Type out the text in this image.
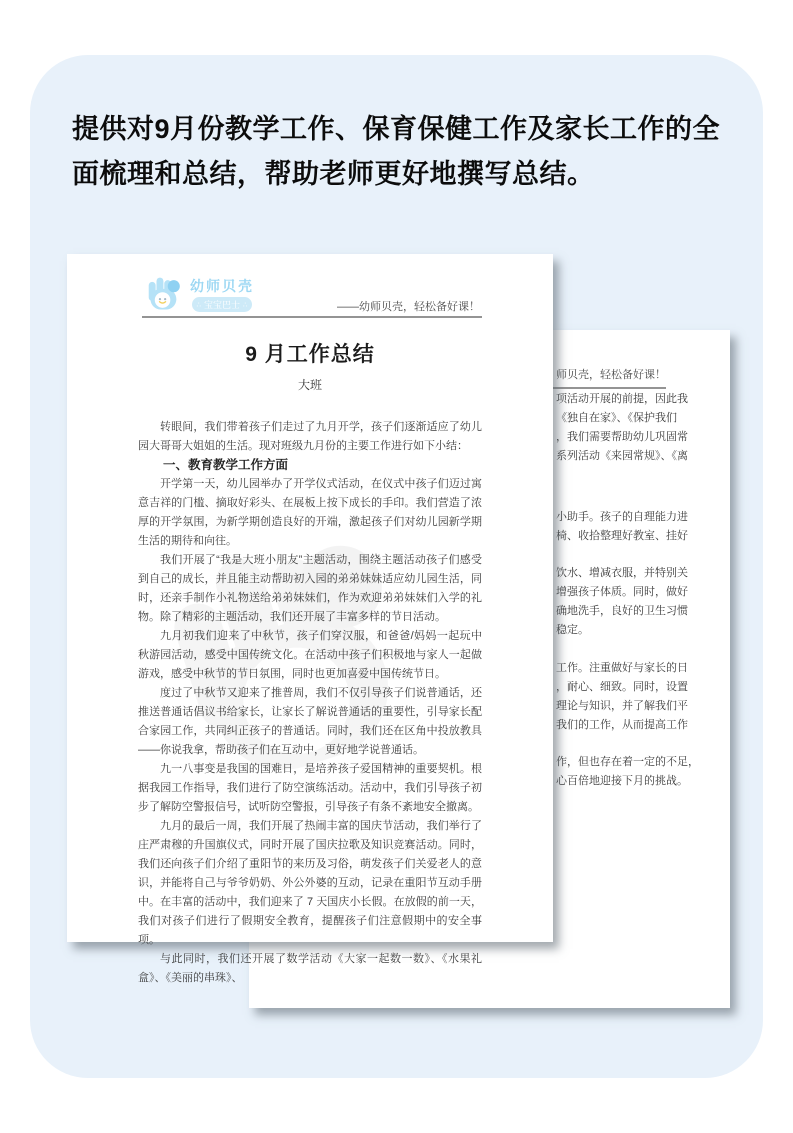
提供对9月份教学工作、保育保健工作及家长工作的全面梳理和总结，帮助老师更好地撰写总结。
师贝壳，轻松备好课！
项活动开展的前提，因此我
《独自在家》、《保护我们
，我们需要帮助幼儿巩固常
系列活动《来园常规》、《离
小助手。孩子的自理能力进
椅、收拾整理好教室、挂好
饮水、增减衣服，并特别关
增强孩子体质。同时，做好
确地洗手，良好的卫生习惯
稳定。
工作。注重做好与家长的日
，耐心、细致。同时，设置
理论与知识，并了解我们平
我们的工作，从而提高工作
作，但也存在着一定的不足，
心百倍地迎接下月的挑战。
幼师贝壳
∴ 宝宝巴士 ∴	——幼师贝壳，轻松备好课！
9 月工作总结
大班

转眼间，我们带着孩子们走过了九月开学，孩子们逐渐适应了幼儿园大哥哥大姐姐的生活。现对班级九月份的主要工作进行如下小结：

一、教育教学工作方面

开学第一天，幼儿园举办了开学仪式活动，在仪式中孩子们迈过寓意吉祥的门槛、摘取好彩头、在展板上按下成长的手印。我们营造了浓厚的开学氛围，为新学期创造良好的开端，激起孩子们对幼儿园新学期生活的期待和向往。

我们开展了“我是大班小朋友”主题活动，围绕主题活动孩子们感受到自己的成长，并且能主动帮助初入园的弟弟妹妹适应幼儿园生活，同时，还亲手制作小礼物送给弟弟妹妹们，作为欢迎弟弟妹妹们入学的礼物。除了精彩的主题活动，我们还开展了丰富多样的节日活动。

九月初我们迎来了中秋节，孩子们穿汉服，和爸爸/妈妈一起玩中秋游园活动，感受中国传统文化。在活动中孩子们积极地与家人一起做游戏，感受中秋节的节日氛围，同时也更加喜爱中国传统节日。

度过了中秋节又迎来了推普周，我们不仅引导孩子们说普通话，还推送普通话倡议书给家长，让家长了解说普通话的重要性，引导家长配合家园工作，共同纠正孩子的普通话。同时，我们还在区角中投放教具——你说我拿，帮助孩子们在互动中，更好地学说普通话。

九一八事变是我国的国难日，是培养孩子爱国精神的重要契机。根据我园工作指导，我们进行了防空演练活动。活动中，我们引导孩子初步了解防空警报信号，试听防空警报，引导孩子有条不紊地安全撤离。

九月的最后一周，我们开展了热闹丰富的国庆节活动，我们举行了庄严肃穆的升国旗仪式，同时开展了国庆拉歌及知识竞赛活动。同时，我们还向孩子们介绍了重阳节的来历及习俗，萌发孩子们关爱老人的意识，并能将自己与爷爷奶奶、外公外婆的互动，记录在重阳节互动手册中。在丰富的活动中，我们迎来了 7 天国庆小长假。在放假的前一天，我们对孩子们进行了假期安全教育，提醒孩子们注意假期中的安全事项。

与此同时，我们还开展了数学活动《大家一起数一数》、《水果礼盒》、《美丽的串珠》、
